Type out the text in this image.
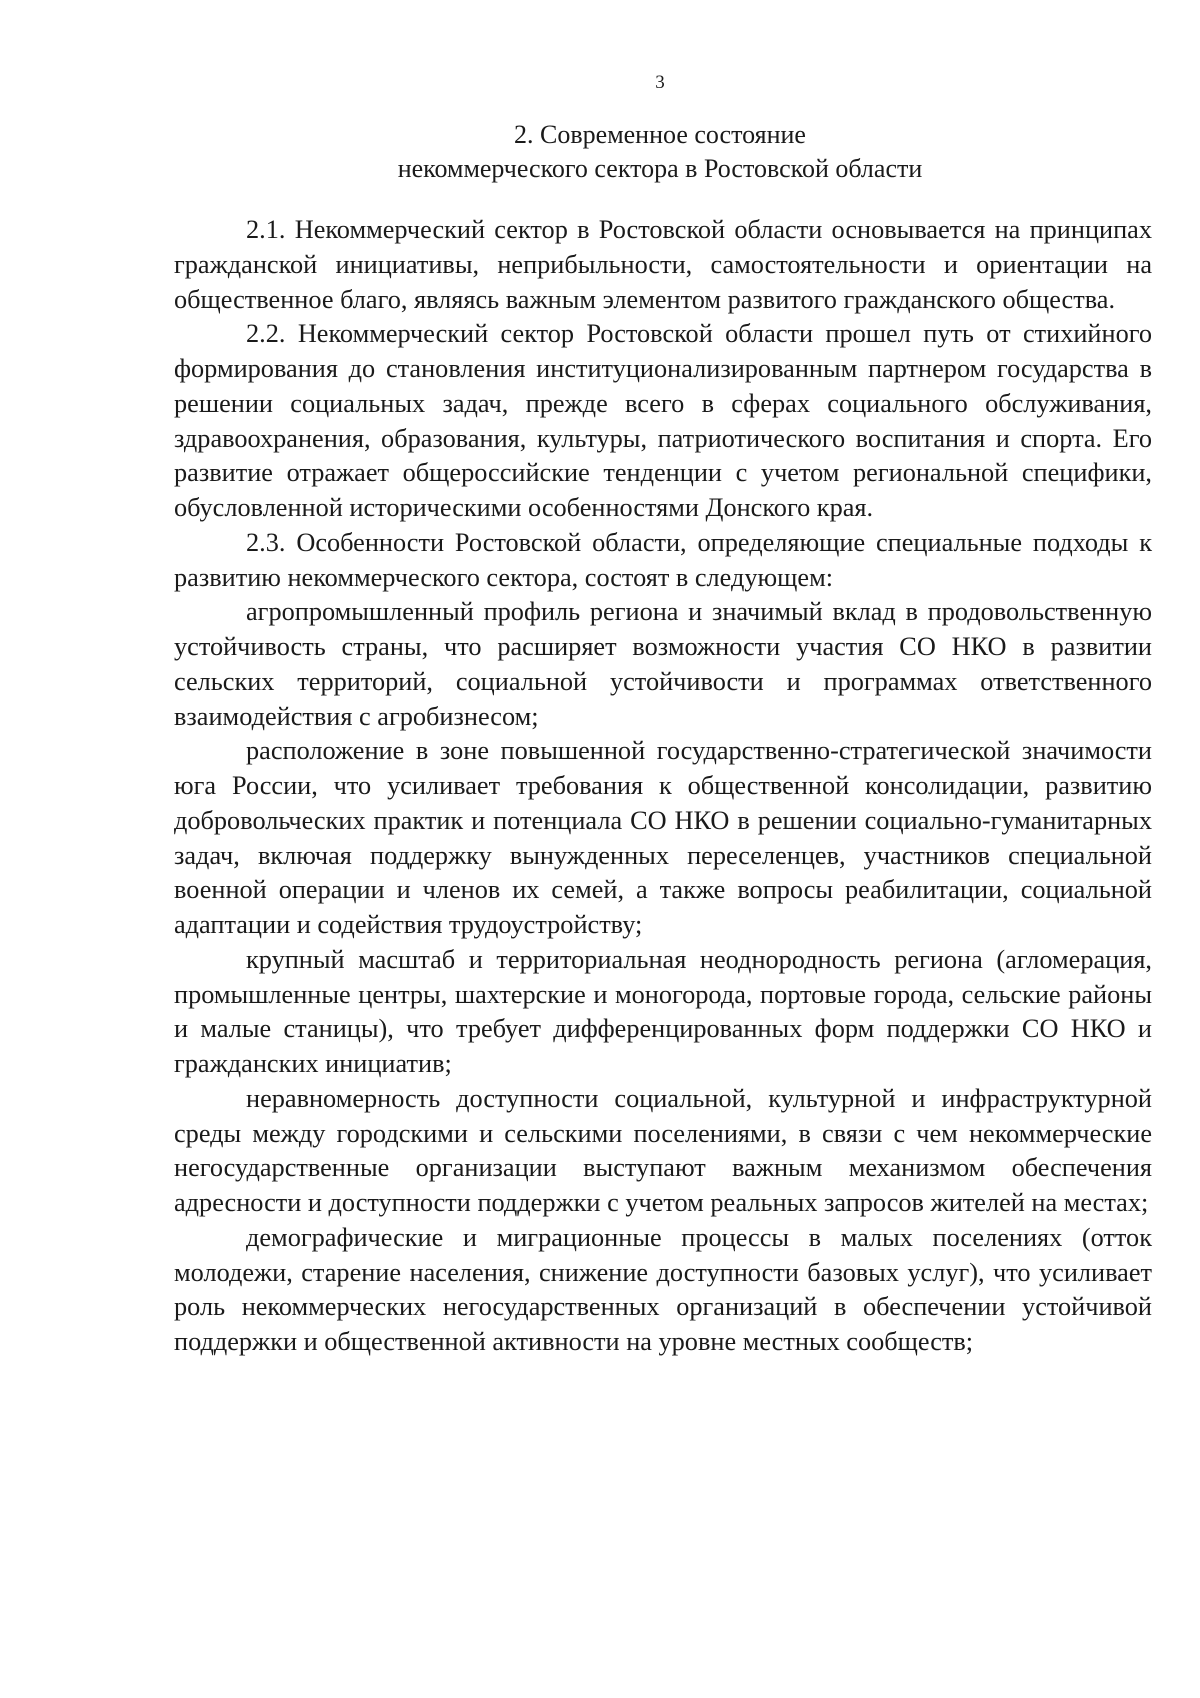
3
2. Современное состояние
некоммерческого сектора в Ростовской области

2.1. Некоммерческий сектор в Ростовской области основывается на принципах гражданской инициативы, неприбыльности, самостоятельности и ориентации на общественное благо, являясь важным элементом развитого гражданского общества.

2.2. Некоммерческий сектор Ростовской области прошел путь от стихийного формирования до становления институционализированным партнером государства в решении социальных задач, прежде всего в сферах социального обслуживания, здравоохранения, образования, культуры, патриотического воспитания и спорта. Его развитие отражает общероссийские тенденции с учетом региональной специфики, обусловленной историческими особенностями Донского края.

2.3. Особенности Ростовской области, определяющие специальные подходы к развитию некоммерческого сектора, состоят в следующем:

агропромышленный профиль региона и значимый вклад в продовольственную устойчивость страны, что расширяет возможности участия СО НКО в развитии сельских территорий, социальной устойчивости и программах ответственного взаимодействия с агробизнесом;

расположение в зоне повышенной государственно-стратегической значимости юга России, что усиливает требования к общественной консолидации, развитию добровольческих практик и потенциала СО НКО в решении социально-гуманитарных задач, включая поддержку вынужденных переселенцев, участников специальной военной операции и членов их семей, а также вопросы реабилитации, социальной адаптации и содействия трудоустройству;

крупный масштаб и территориальная неоднородность региона (агломерация, промышленные центры, шахтерские и моногорода, портовые города, сельские районы и малые станицы), что требует дифференцированных форм поддержки СО НКО и гражданских инициатив;

неравномерность доступности социальной, культурной и инфраструктурной среды между городскими и сельскими поселениями, в связи с чем некоммерческие негосударственные организации выступают важным механизмом обеспечения адресности и доступности поддержки с учетом реальных запросов жителей на местах;

демографические и миграционные процессы в малых поселениях (отток молодежи, старение населения, снижение доступности базовых услуг), что усиливает роль некоммерческих негосударственных организаций в обеспечении устойчивой поддержки и общественной активности на уровне местных сообществ;
